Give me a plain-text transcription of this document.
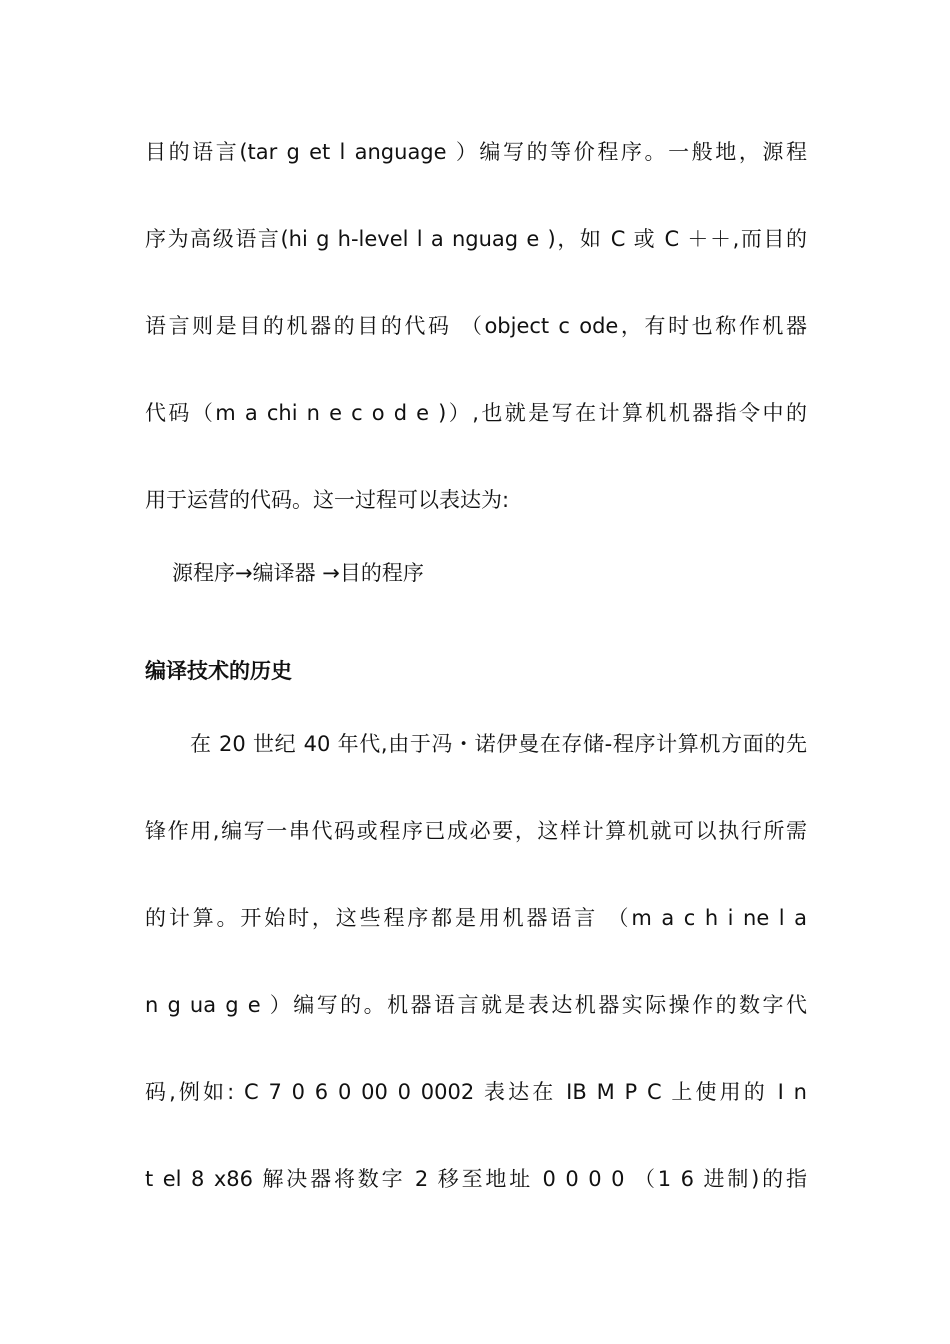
目的语言(tar g et l anguage ）编写的等价程序。一般地，源程
序为高级语言(hi g h-level l a nguag e )，如 C 或 C ＋＋,而目的
语言则是目的机器的目的代码 （object c ode，有时也称作机器
代码（m a chi n e c o d e )）,也就是写在计算机机器指令中的
用于运营的代码。这一过程可以表达为:
源程序→编译器 →目的程序
编译技术的历史
在 20 世纪 40 年代,由于冯・诺伊曼在存储-程序计算机方面的先
锋作用,编写一串代码或程序已成必要，这样计算机就可以执行所需
的计算。开始时，这些程序都是用机器语言 （m a c h i ne l a
n g ua g e ）编写的。机器语言就是表达机器实际操作的数字代
码,例如: C 7 0 6 0 00 0 0002 表达在 IB M P C 上使用的 I n
t el 8 x86 解决器将数字 2 移至地址 0 0 0 0 （1 6 进制)的指
